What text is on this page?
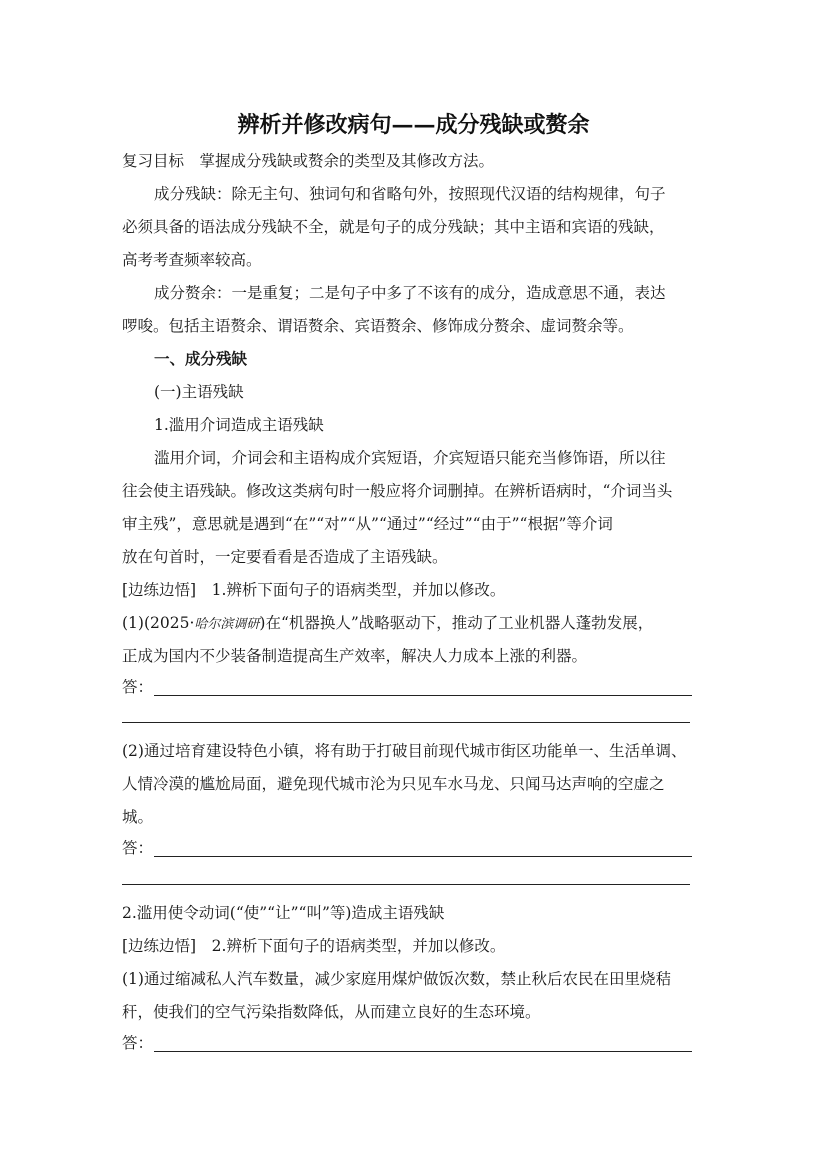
辨析并修改病句——成分残缺或赘余
复习目标　掌握成分残缺或赘余的类型及其修改方法。
成分残缺：除无主句、独词句和省略句外，按照现代汉语的结构规律，句子
必须具备的语法成分残缺不全，就是句子的成分残缺；其中主语和宾语的残缺，
高考考查频率较高。
成分赘余：一是重复；二是句子中多了不该有的成分，造成意思不通，表达
啰唆。包括主语赘余、谓语赘余、宾语赘余、修饰成分赘余、虚词赘余等。
一、成分残缺
(一)主语残缺
1.滥用介词造成主语残缺
滥用介词，介词会和主语构成介宾短语，介宾短语只能充当修饰语，所以往
往会使主语残缺。修改这类病句时一般应将介词删掉。在辨析语病时，“介词当头
审主残”，意思就是遇到“在”“对”“从”“通过”“经过”“由于”“根据”等介词
放在句首时，一定要看看是否造成了主语残缺。
[边练边悟]　1.辨析下面句子的语病类型，并加以修改。
(1)(2025·哈尔滨调研)在“机器换人”战略驱动下，推动了工业机器人蓬勃发展，
正成为国内不少装备制造提高生产效率，解决人力成本上涨的利器。
答：
(2)通过培育建设特色小镇，将有助于打破目前现代城市街区功能单一、生活单调、
人情冷漠的尴尬局面，避免现代城市沦为只见车水马龙、只闻马达声响的空虚之
城。
答：
2.滥用使令动词(“使”“让”“叫”等)造成主语残缺
[边练边悟]　2.辨析下面句子的语病类型，并加以修改。
(1)通过缩减私人汽车数量，减少家庭用煤炉做饭次数，禁止秋后农民在田里烧秸
秆，使我们的空气污染指数降低，从而建立良好的生态环境。
答：
